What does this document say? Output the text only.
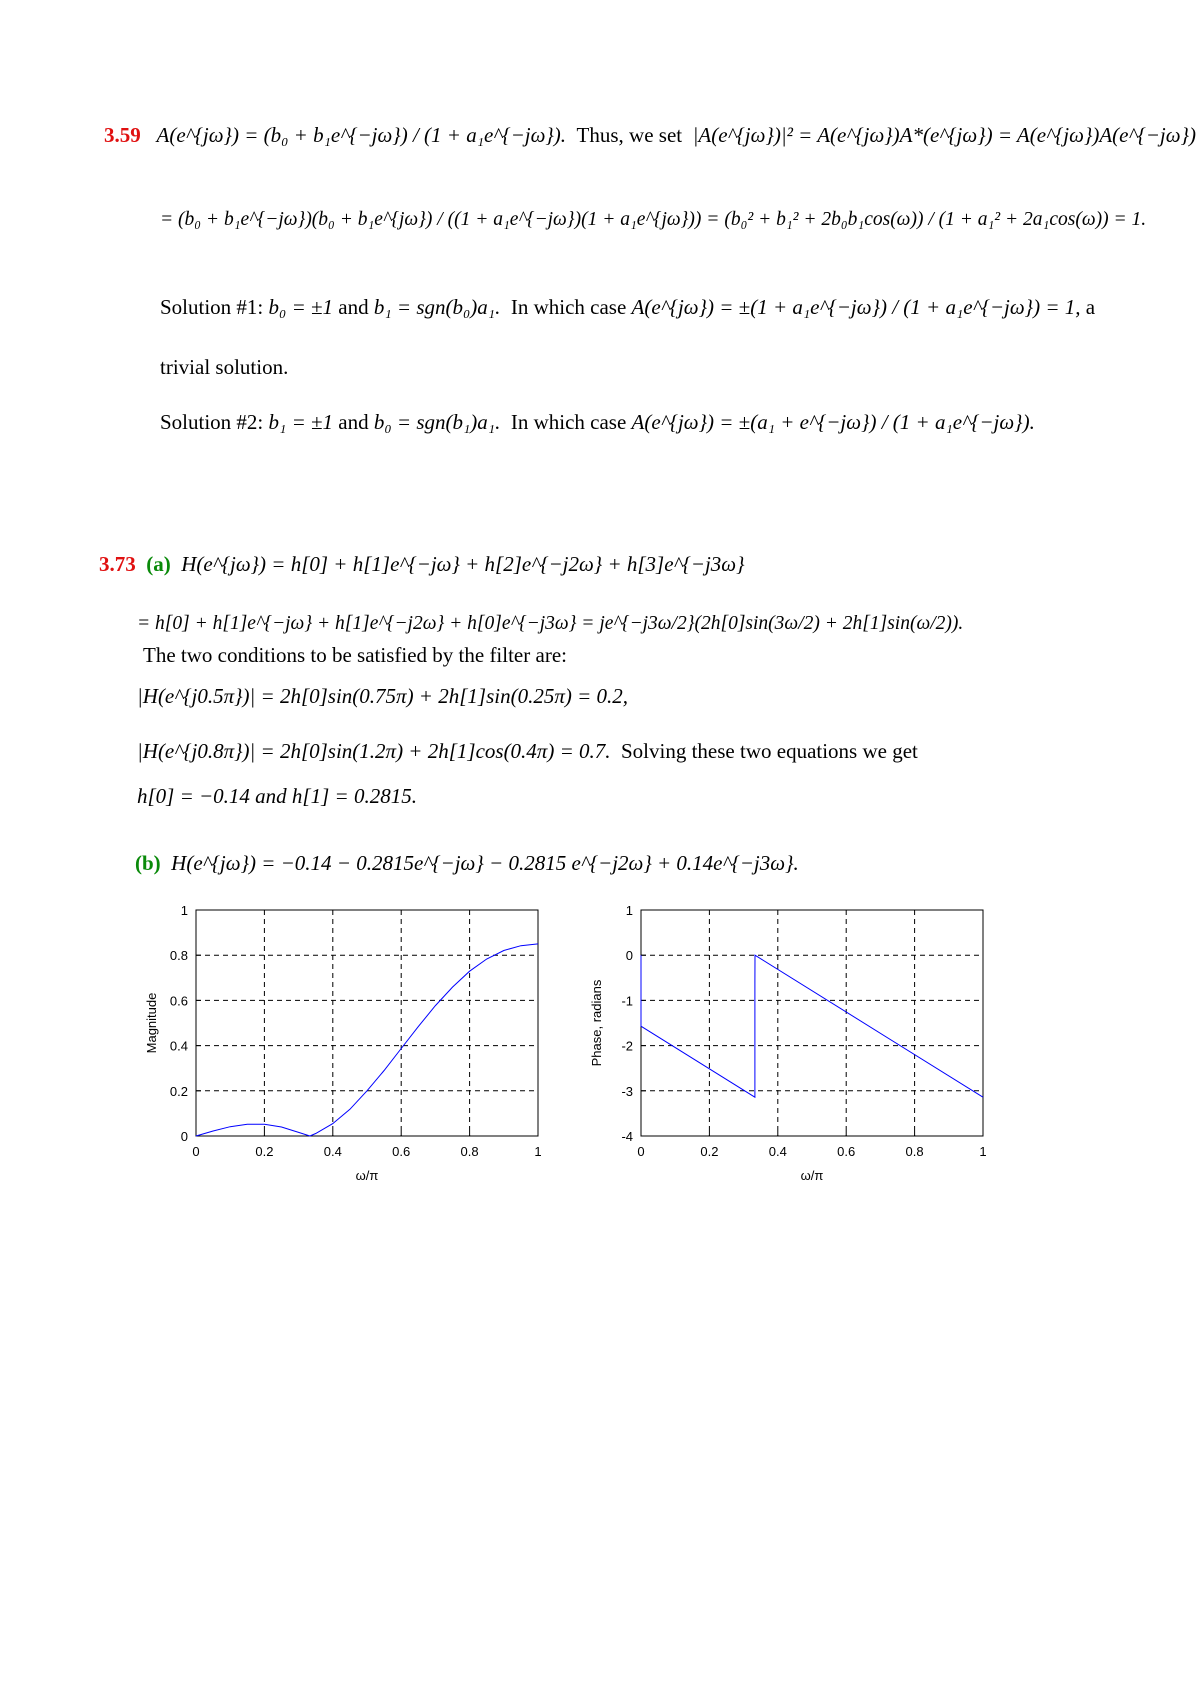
3.59 A(e^{jω}) = (b₀ + b₁e^{−jω}) / (1 + a₁e^{−jω}). Thus, we set |A(e^{jω})|² = A(e^{jω})A*(e^{jω}) = A(e^{jω})A(e^{−jω})
= (b₀ + b₁e^{−jω})(b₀ + b₁e^{jω}) / ((1 + a₁e^{−jω})(1 + a₁e^{jω})) = (b₀² + b₁² + 2b₀b₁cos(ω)) / (1 + a₁² + 2a₁cos(ω)) = 1.
Solution #1: b₀ = ±1 and b₁ = sgn(b₀)a₁. In which case A(e^{jω}) = ±(1 + a₁e^{−jω}) / (1 + a₁e^{−jω}) = 1, a
trivial solution.
Solution #2: b₁ = ±1 and b₀ = sgn(b₁)a₁. In which case A(e^{jω}) = ±(a₁ + e^{−jω}) / (1 + a₁e^{−jω}).
3.73 (a) H(e^{jω}) = h[0] + h[1]e^{−jω} + h[2]e^{−j2ω} + h[3]e^{−j3ω}
= h[0] + h[1]e^{−jω} + h[1]e^{−j2ω} + h[0]e^{−j3ω} = je^{−j3ω/2}(2h[0]sin(3ω/2) + 2h[1]sin(ω/2)).
The two conditions to be satisfied by the filter are:
|H(e^{j0.5π})| = 2h[0]sin(0.75π) + 2h[1]sin(0.25π) = 0.2,
|H(e^{j0.8π})| = 2h[0]sin(1.2π) + 2h[1]cos(0.4π) = 0.7. Solving these two equations we get
h[0] = −0.14 and h[1] = 0.2815.
(b) H(e^{jω}) = −0.14 − 0.2815e^{−jω} − 0.2815 e^{−j2ω} + 0.14e^{−j3ω}.
0	0.2	0.4	0.6	0.8	1
0
0.2
0.4
0.6
0.8
1
ω/π
Magnitude
0	0.2	0.4	0.6	0.8	1
-4
-3
-2
-1
0
1
ω/π
Phase, radians
